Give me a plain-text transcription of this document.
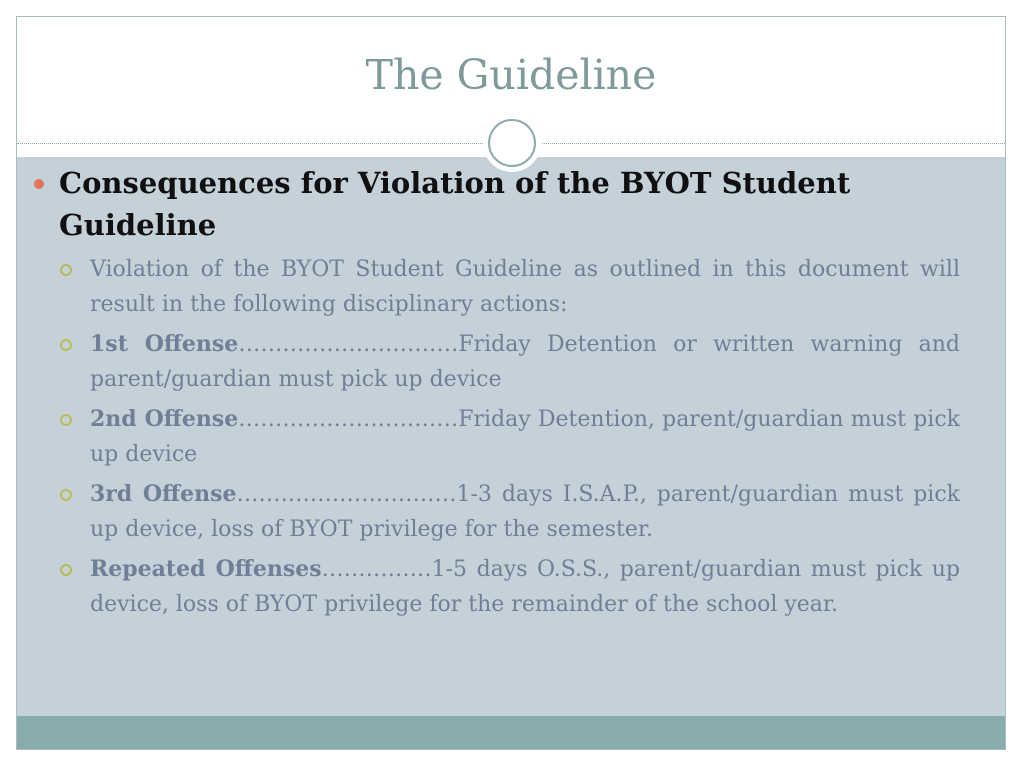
The Guideline
Consequences for Violation of the BYOT Student Guideline
Violation of the BYOT Student Guideline as outlined in this document will result in the following disciplinary actions:
1st Offense…………………………Friday Detention or written warning and parent/guardian must pick up device
2nd Offense…………………………Friday Detention, parent/guardian must pick up device
3rd Offense…………………………1-3 days I.S.A.P., parent/guardian must pick up device, loss of BYOT privilege for the semester.
Repeated Offenses……………1-5 days O.S.S., parent/guardian must pick up device, loss of BYOT privilege for the remainder of the school year.
